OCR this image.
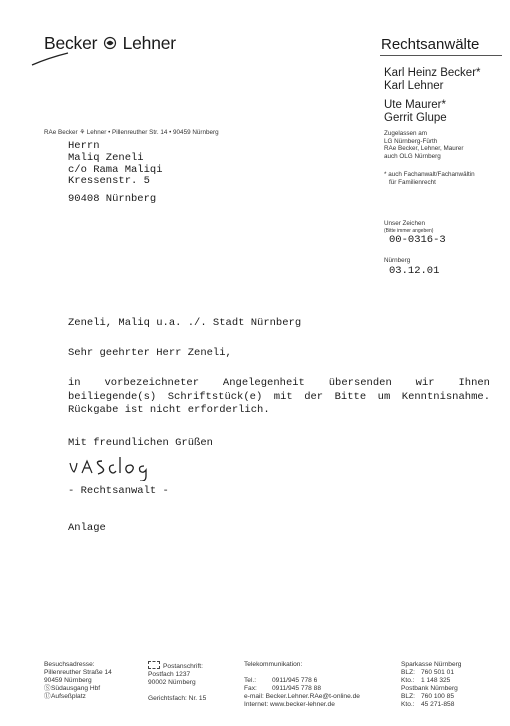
Becker Lehner	Rechtsanwälte
Karl Heinz Becker*
Karl Lehner
Ute Maurer*
Gerrit Glupe
Zugelassen am
LG Nürnberg-Fürth
RAe Becker, Lehner, Maurer
auch OLG Nürnberg
* auch Fachanwalt/Fachanwältin
für Familienrecht
RAe Becker ⚘ Lehner • Pillenreuther Str. 14 • 90459 Nürnberg
Herrn
Maliq Zeneli
c/o Rama Maliqi
Kressenstr. 5
90408 Nürnberg
Unser Zeichen
(Bitte immer angeben)
00-0316-3
Nürnberg
03.12.01
Zeneli, Maliq u.a. ./. Stadt Nürnberg
Sehr geehrter Herr Zeneli,
in vorbezeichneter Angelegenheit übersenden wir Ihnen beiliegende(s) Schriftstück(e) mit der Bitte um Kenntnisnahme. Rückgabe ist nicht erforderlich.
Mit freundlichen Grüßen
- Rechtsanwalt -
Anlage
Besuchsadresse:
Pillenreuther Straße 14
90459 Nürnberg
ⓈSüdausgang Hbf
ⓊAufseßplatz
Postanschrift:
Postfach 1237
90002 Nürnberg

Gerichtsfach: Nr. 15
Telekommunikation:

Tel.: 0911/945 778 6
Fax: 0911/945 778 88
e-mail: Becker.Lehner.RAe@t-online.de
Internet: www.becker-lehner.de
Sparkasse Nürnberg
BLZ: 760 501 01
Kto.: 1 148 325
Postbank Nürnberg
BLZ: 760 100 85
Kto.: 45 271-858
